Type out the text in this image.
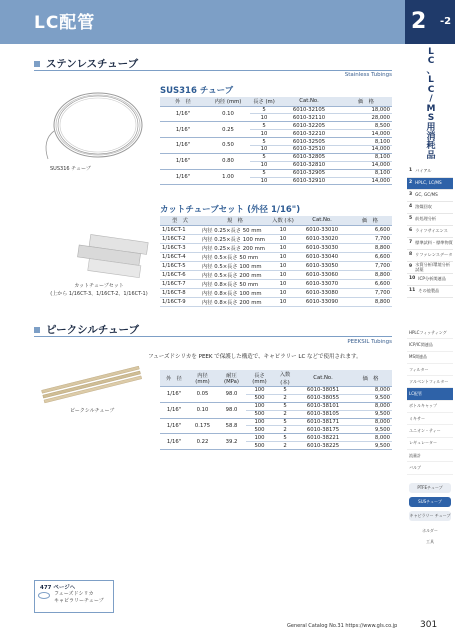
LC配管	2 -2
L
C
、
L
C
/
M
S
用
消
耗
品
1 バイアル
2 HPLC, LC/MS
3 GC, GC/MS
4 溶媒回収
5 前処理分析
6 ライフサイエンス
7 標準試料・標準物質
8 リファレンスデータ
9 水質分析/環境分析 試薬
10 ICP分析関連品
11 その他製品
HPLCフィッティング
ICP/IC関連品
MS関連品
フィルター
ソルベントフィルター
LC配管
ボトルキャップ
ミキサー
ユニオン・ティー
レギュレーター
流量計
バルブ
PTFEチューブ
SUSチューブ
キャピラリー チューブ
ホルダー
工具
ステンレスチューブ
Stainless Tubings
SUS316 チューブ
SUS316 チューブ
外　径	内径 (mm)	長さ (m)	Cat.No.	価　格
1/16"	0.10	5	6010-32105	18,000
		10	6010-32110	28,000
1/16"	0.25	5	6010-32205	8,500
		10	6010-32210	14,000
1/16"	0.50	5	6010-32505	8,100
		10	6010-32510	14,000
1/16"	0.80	5	6010-32805	8,100
		10	6010-32810	14,000
1/16"	1.00	5	6010-32905	8,100
		10	6010-32910	14,000
カットチューブセット (外径 1/16")
型　式	規　格	入数 (本)	Cat.No.	価　格
1/16CT-1	内径 0.25×長さ 50 mm	10	6010-33010	6,600
1/16CT-2	内径 0.25×長さ 100 mm	10	6010-33020	7,700
1/16CT-3	内径 0.25×長さ 200 mm	10	6010-33030	8,800
1/16CT-4	内径 0.5×長さ 50 mm	10	6010-33040	6,600
1/16CT-5	内径 0.5×長さ 100 mm	10	6010-33050	7,700
1/16CT-6	内径 0.5×長さ 200 mm	10	6010-33060	8,800
1/16CT-7	内径 0.8×長さ 50 mm	10	6010-33070	6,600
1/16CT-8	内径 0.8×長さ 100 mm	10	6010-33080	7,700
1/16CT-9	内径 0.8×長さ 200 mm	10	6010-33090	8,800
カットチューブセット
(上から 1/16CT-3、1/16CT-2、1/16CT-1)
ピークシルチューブ
PEEKSIL Tubings
フューズドシリカを PEEK で保護した構造で、キャピラリー LC などで使用されます。
ピークシルチューブ
外　径	内径 (mm)	耐圧 (MPa)	長さ (mm)	入数 (本)	Cat.No.	価　格
1/16"	0.05	98.0	100	5	6010-38051	8,000
			500	2	6010-38055	9,500
1/16"	0.10	98.0	100	5	6010-38101	8,000
			500	2	6010-38105	9,500
1/16"	0.175	58.8	100	5	6010-38171	8,000
			500	2	6010-38175	9,500
1/16"	0.22	39.2	100	5	6010-38221	8,000
			500	2	6010-38225	9,500
477 ページへ
フューズドシリカ
キャピラリーチューブ
General Catalog No.31 https://www.gls.co.jp	301
